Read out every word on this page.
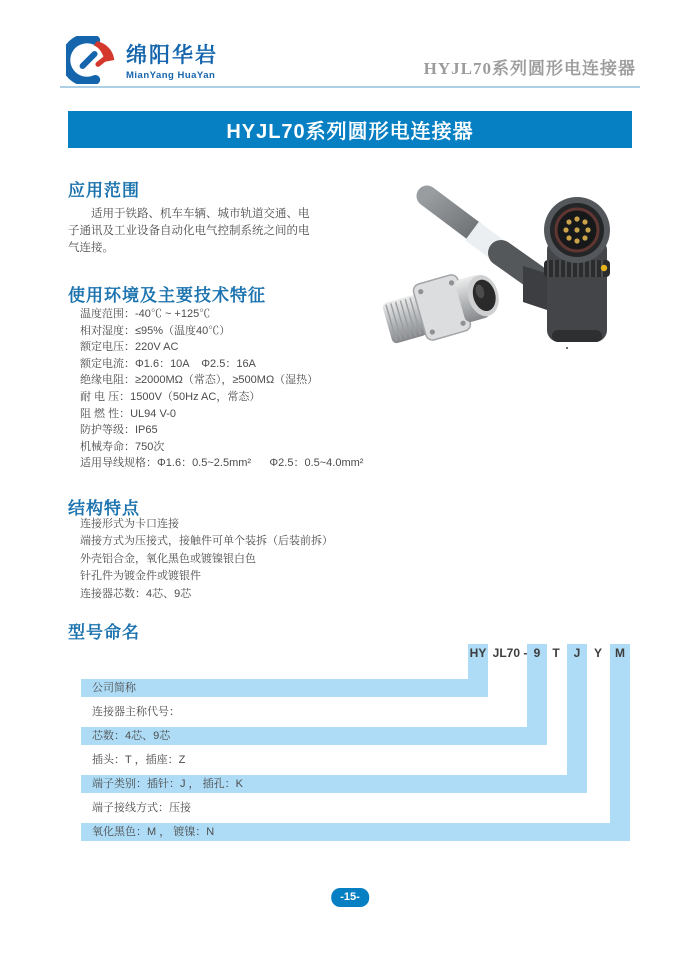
绵阳华岩
MianYang HuaYan	HYJL70系列圆形电连接器
HYJL70系列圆形电连接器
应用范围

适用于铁路、机车车辆、城市轨道交通、电子通讯及工业设备自动化电气控制系统之间的电气连接。

使用环境及主要技术特征
温度范围：-40℃ ~ +125℃
相对湿度：≤95%（温度40℃）
额定电压：220V AC
额定电流：Φ1.6：10A    Φ2.5：16A
绝缘电阻：≥2000MΩ（常态），≥500MΩ（湿热）
耐 电 压：1500V（50Hz AC，常态）
阻 燃 性：UL94 V-0
防护等级：IP65
机械寿命：750次
适用导线规格：Φ1.6：0.5~2.5mm²      Φ2.5：0.5~4.0mm²
结构特点
连接形式为卡口连接
端接方式为压接式，接触件可单个装拆（后装前拆）
外壳铝合金，氧化黑色或镀镍银白色
针孔件为镀金件或镀银件
连接器芯数：4芯、9芯
型号命名
HY JL70 - 9 T	J	Y	M
公司简称
连接器主称代号：
芯数：4芯、9芯
插头：T ，插座：Z
端子类别：插针：J ， 插孔：K
端子接线方式：压接
氧化黑色：M ， 镀镍：N
-15-
